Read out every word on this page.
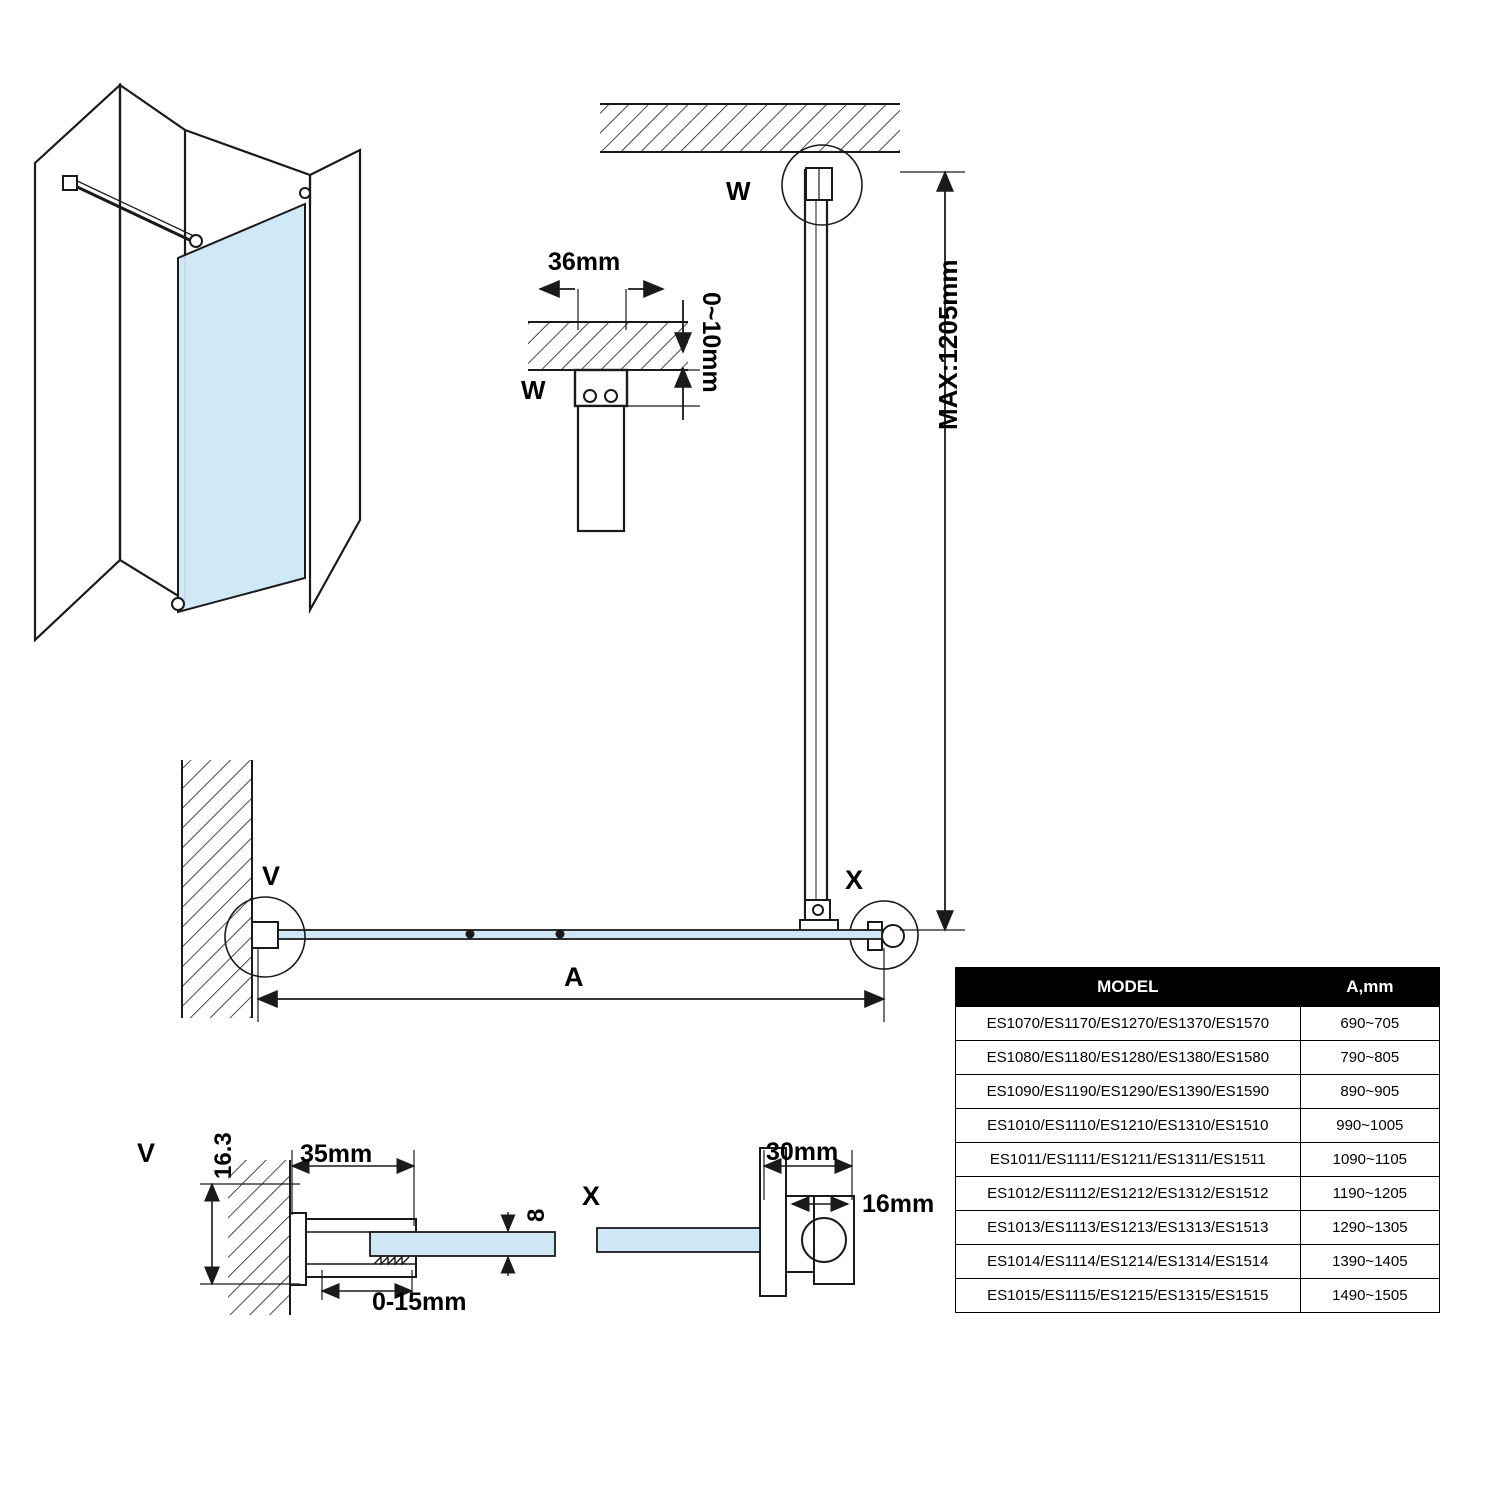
W
W
36mm
0~10mm	MAX:1205mm
V	X
A
V 16.3	35mm
0-15mm
8
X
30mm
16mm
MODEL	A,mm
ES1070/ES1170/ES1270/ES1370/ES1570	690~705
ES1080/ES1180/ES1280/ES1380/ES1580	790~805
ES1090/ES1190/ES1290/ES1390/ES1590	890~905
ES1010/ES1110/ES1210/ES1310/ES1510	990~1005
ES1011/ES1111/ES1211/ES1311/ES1511	1090~1105
ES1012/ES1112/ES1212/ES1312/ES1512	1190~1205
ES1013/ES1113/ES1213/ES1313/ES1513	1290~1305
ES1014/ES1114/ES1214/ES1314/ES1514	1390~1405
ES1015/ES1115/ES1215/ES1315/ES1515	1490~1505
